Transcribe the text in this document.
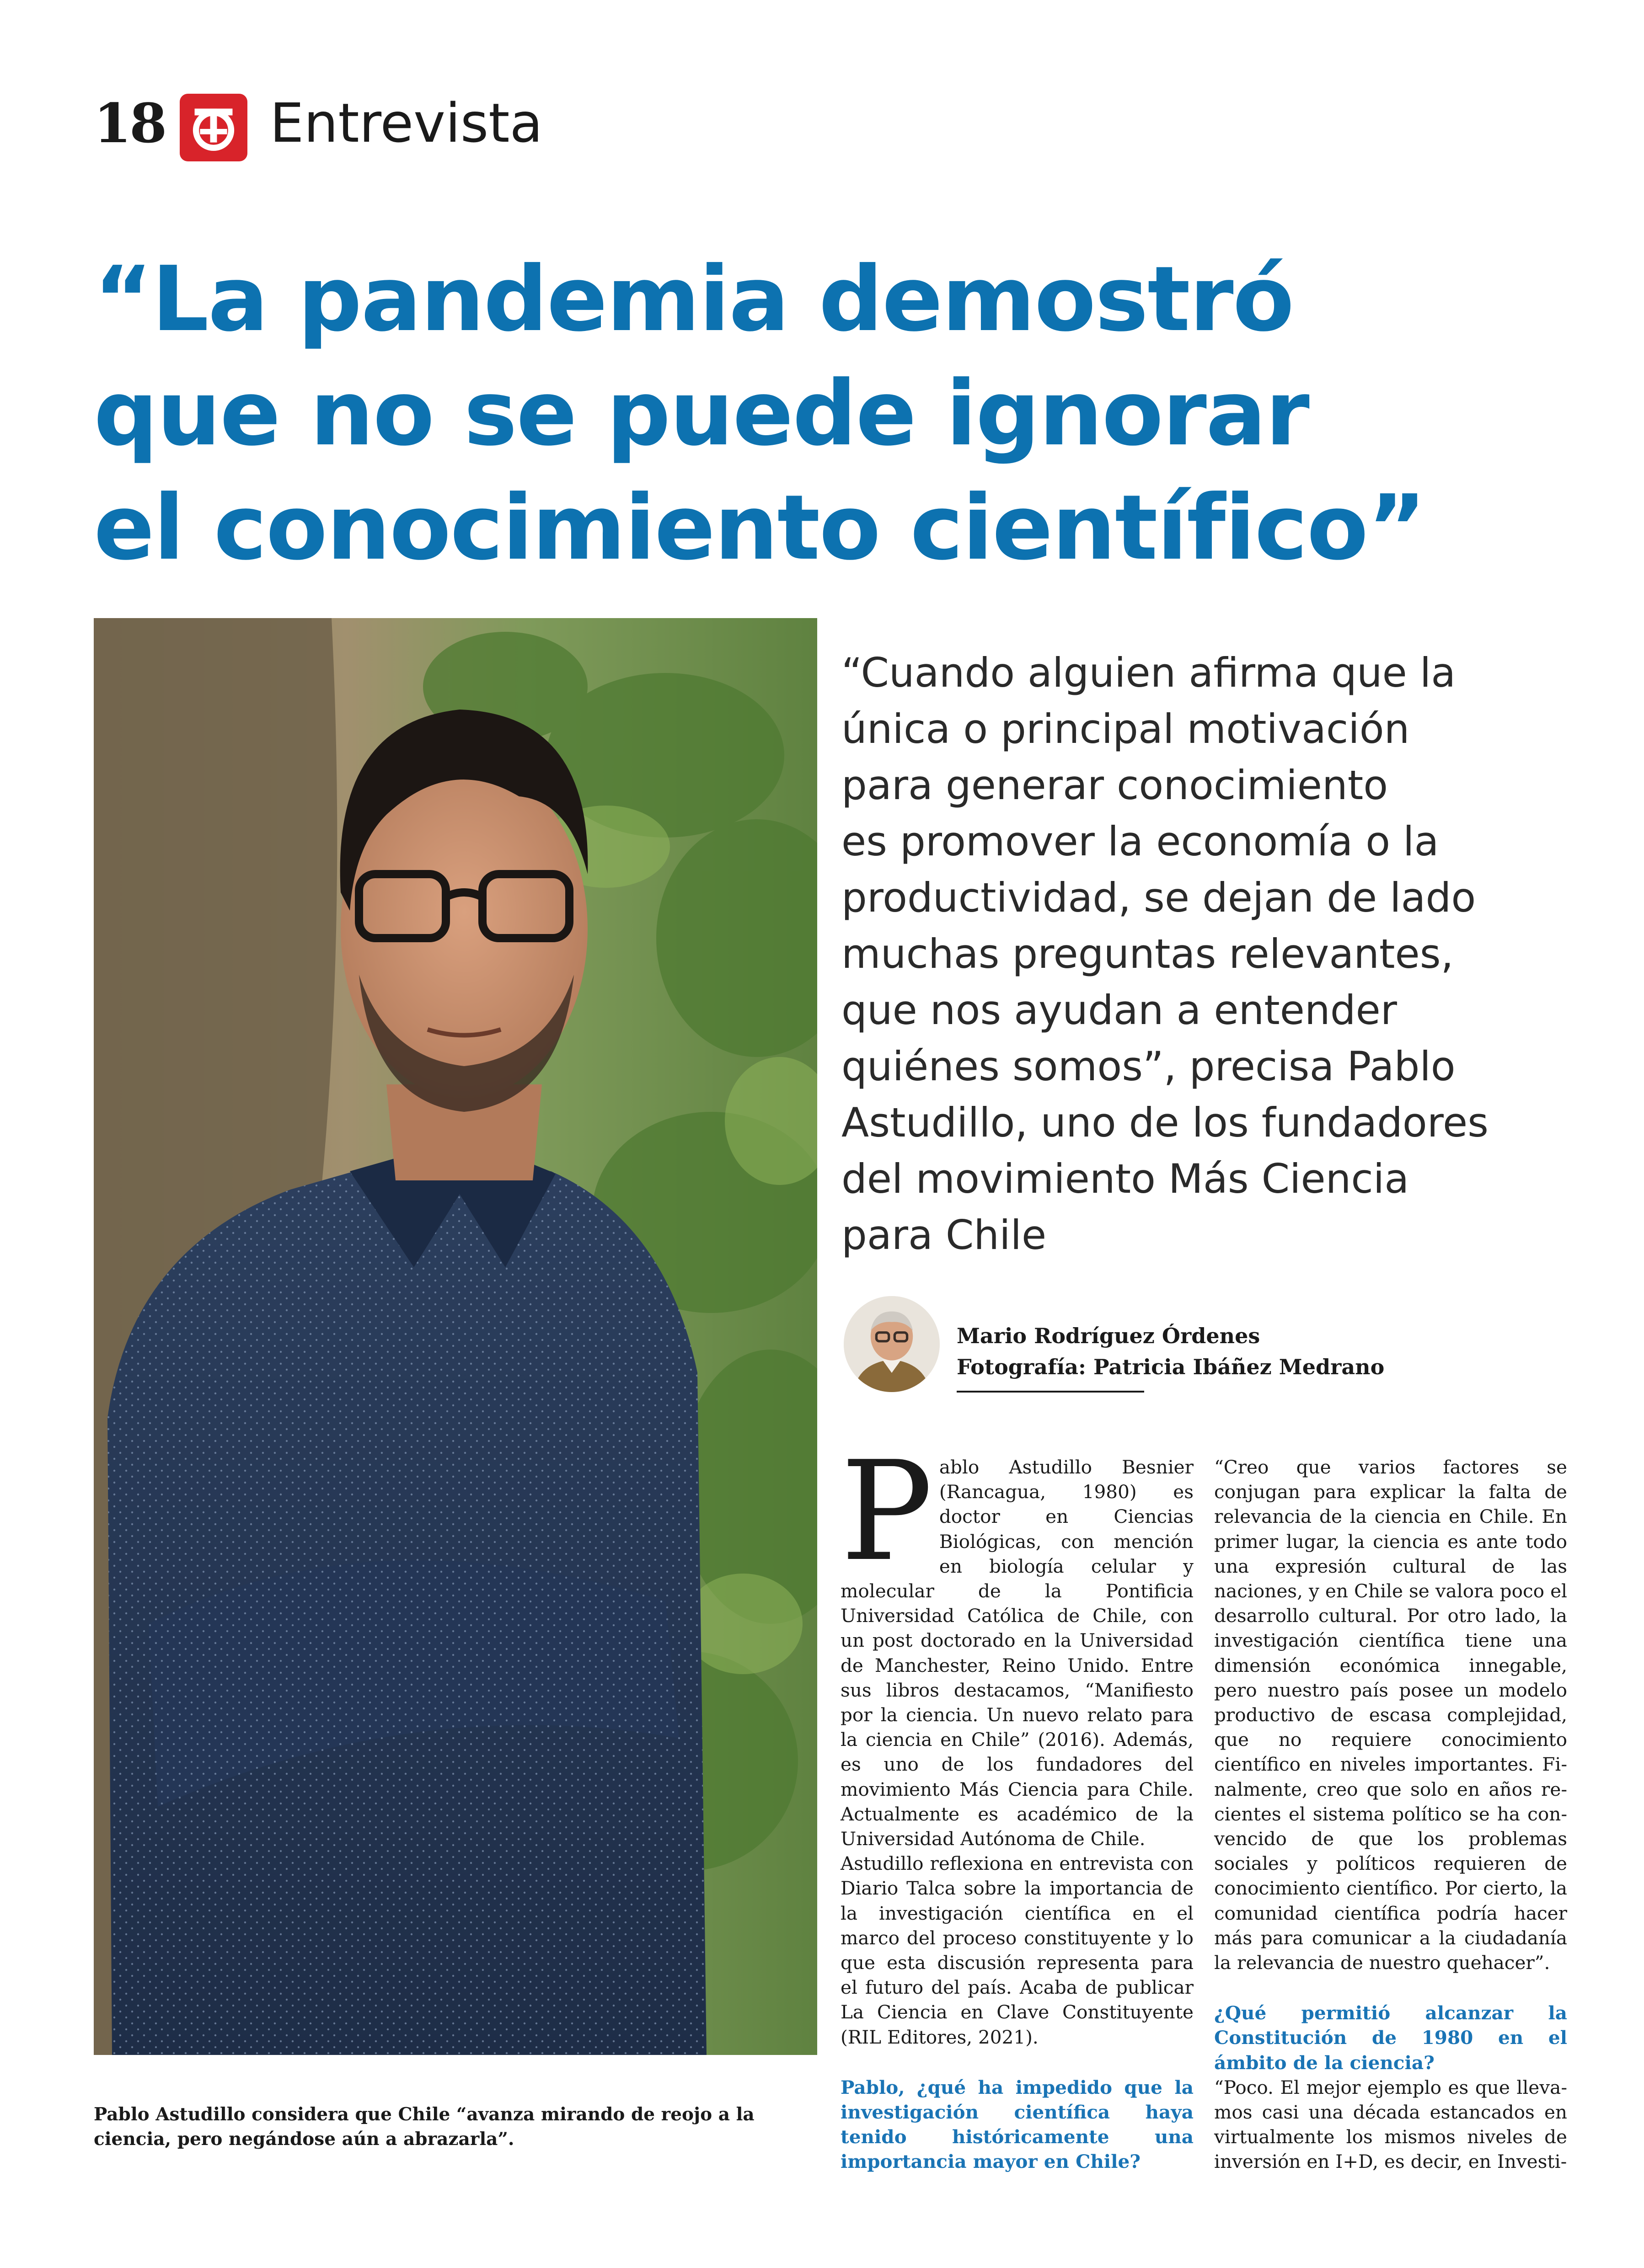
18 Entrevista
“La pandemia demostró
que no se puede ignorar
el conocimiento científico”
Pablo Astudillo considera que Chile “avanza mirando de reojo a la ciencia, pero negándose aún a abrazarla”.
“Cuando alguien afirma que la
única o principal motivación
para generar conocimiento
es promover la economía o la
productividad, se dejan de lado
muchas preguntas relevantes,
que nos ayudan a entender
quiénes somos”, precisa Pablo
Astudillo, uno de los fundadores
del movimiento Más Ciencia
para Chile
Mario Rodríguez Órdenes
Fotografía: Patricia Ibáñez Medrano

Pablo Astudillo Besnier (Rancagua, 1980) es doctor en Ciencias Biológicas, con mención en biología celular y molecular de la Pontificia Universidad Católica de Chile, con un post doctorado en la Universidad de Manchester, Reino Unido. Entre sus libros destacamos, “Manifiesto por la ciencia. Un nuevo relato para la ciencia en Chile” (2016). Además, es uno de los fundadores del movimiento Más Ciencia para Chile. Actualmente es académico de la Universidad Autónoma de Chile.

Astudillo reflexiona en entrevista con Diario Talca sobre la importancia de la investigación científica en el marco del proceso constituyente y lo que esta discusión representa para el futuro del país. Acaba de publicar La Ciencia en Clave Constituyente (RIL Editores, 2021).

Pablo, ¿qué ha impedido que la investigación científica haya tenido históricamente una importancia mayor en Chile?

“Creo que varios factores se conjugan para explicar la falta de relevancia de la ciencia en Chile. En primer lugar, la ciencia es ante todo una expresión cultural de las naciones, y en Chile se valora poco el desarrollo cultural. Por otro lado, la investigación científica tiene una dimensión económica innegable, pero nuestro país posee un modelo productivo de escasa complejidad, que no requiere conocimiento científico en niveles importantes. Finalmente, creo que solo en años recientes el sistema político se ha convencido de que los problemas sociales y políticos requieren de conocimiento científico. Por cierto, la comunidad científica podría hacer más para comunicar a la ciudadanía la relevancia de nuestro quehacer”.

¿Qué permitió alcanzar la Constitución de 1980 en el ámbito de la ciencia?

“Poco. El mejor ejemplo es que llevamos casi una década estancados en virtualmente los mismos niveles de inversión en I+D, es decir, en Investi-
